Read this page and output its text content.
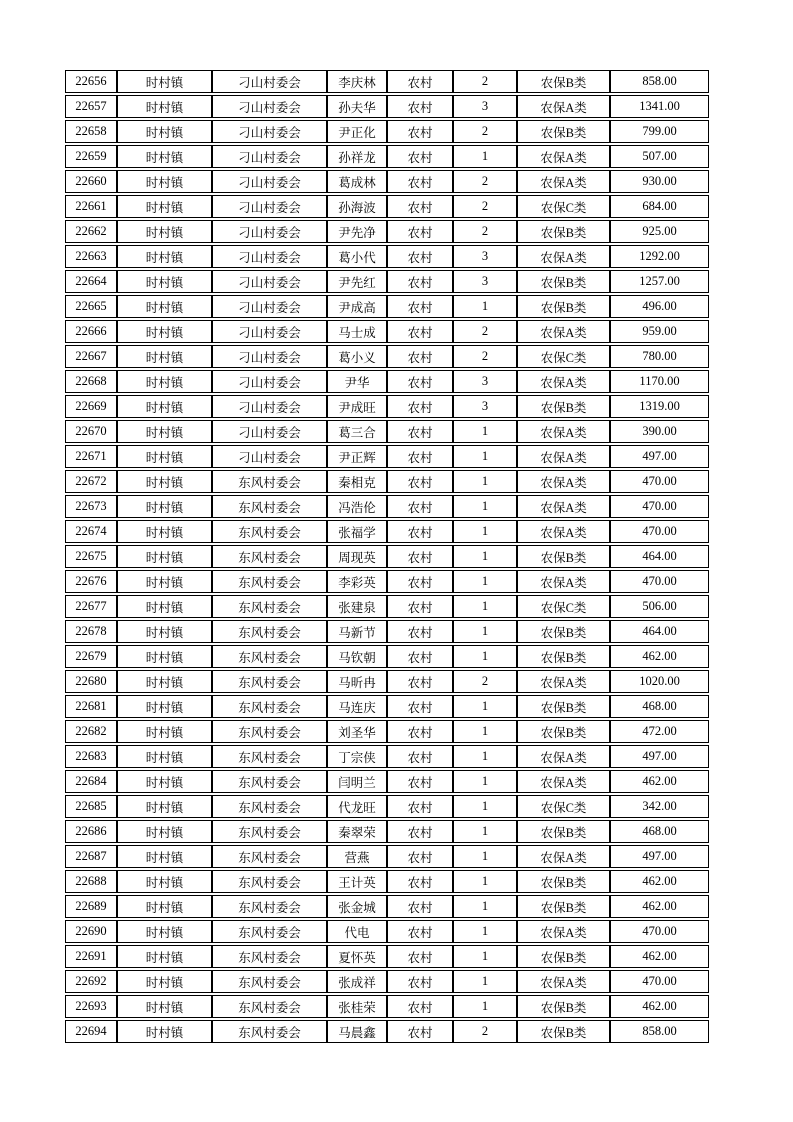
22656	时村镇	刁山村委会	李庆林	农村	2	农保B类	858.00
22657	时村镇	刁山村委会	孙夫华	农村	3	农保A类	1341.00
22658	时村镇	刁山村委会	尹正化	农村	2	农保B类	799.00
22659	时村镇	刁山村委会	孙祥龙	农村	1	农保A类	507.00
22660	时村镇	刁山村委会	葛成林	农村	2	农保A类	930.00
22661	时村镇	刁山村委会	孙海波	农村	2	农保C类	684.00
22662	时村镇	刁山村委会	尹先净	农村	2	农保B类	925.00
22663	时村镇	刁山村委会	葛小代	农村	3	农保A类	1292.00
22664	时村镇	刁山村委会	尹先红	农村	3	农保B类	1257.00
22665	时村镇	刁山村委会	尹成高	农村	1	农保B类	496.00
22666	时村镇	刁山村委会	马士成	农村	2	农保A类	959.00
22667	时村镇	刁山村委会	葛小义	农村	2	农保C类	780.00
22668	时村镇	刁山村委会	尹华	农村	3	农保A类	1170.00
22669	时村镇	刁山村委会	尹成旺	农村	3	农保B类	1319.00
22670	时村镇	刁山村委会	葛三合	农村	1	农保A类	390.00
22671	时村镇	刁山村委会	尹正辉	农村	1	农保A类	497.00
22672	时村镇	东风村委会	秦相克	农村	1	农保A类	470.00
22673	时村镇	东风村委会	冯浩伦	农村	1	农保A类	470.00
22674	时村镇	东风村委会	张福学	农村	1	农保A类	470.00
22675	时村镇	东风村委会	周现英	农村	1	农保B类	464.00
22676	时村镇	东风村委会	李彩英	农村	1	农保A类	470.00
22677	时村镇	东风村委会	张建泉	农村	1	农保C类	506.00
22678	时村镇	东风村委会	马新节	农村	1	农保B类	464.00
22679	时村镇	东风村委会	马钦朝	农村	1	农保B类	462.00
22680	时村镇	东风村委会	马昕冉	农村	2	农保A类	1020.00
22681	时村镇	东风村委会	马连庆	农村	1	农保B类	468.00
22682	时村镇	东风村委会	刘圣华	农村	1	农保B类	472.00
22683	时村镇	东风村委会	丁宗侠	农村	1	农保A类	497.00
22684	时村镇	东风村委会	闫明兰	农村	1	农保A类	462.00
22685	时村镇	东风村委会	代龙旺	农村	1	农保C类	342.00
22686	时村镇	东风村委会	秦翠荣	农村	1	农保B类	468.00
22687	时村镇	东风村委会	营燕	农村	1	农保A类	497.00
22688	时村镇	东风村委会	王计英	农村	1	农保B类	462.00
22689	时村镇	东风村委会	张金城	农村	1	农保B类	462.00
22690	时村镇	东风村委会	代电	农村	1	农保A类	470.00
22691	时村镇	东风村委会	夏怀英	农村	1	农保B类	462.00
22692	时村镇	东风村委会	张成祥	农村	1	农保A类	470.00
22693	时村镇	东风村委会	张桂荣	农村	1	农保B类	462.00
22694	时村镇	东风村委会	马晨鑫	农村	2	农保B类	858.00
